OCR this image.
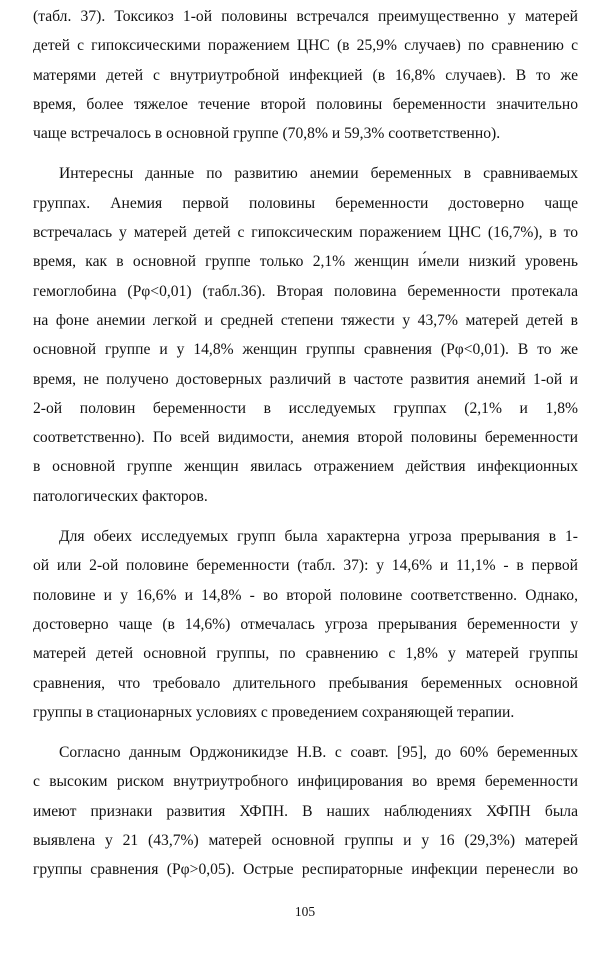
(табл. 37). Токсикоз 1-ой половины встречался преимущественно у матерей
детей с гипоксическими поражением ЦНС (в 25,9% случаев) по сравнению с
матерями детей с внутриутробной инфекцией (в 16,8% случаев). В то же
время, более тяжелое течение второй половины беременности значительно
чаще встречалось в основной группе (70,8% и 59,3% соответственно).
Интересны данные по развитию анемии беременных в сравниваемых
группах. Анемия первой половины беременности достоверно чаще
встречалась у матерей детей с гипоксическим поражением ЦНС (16,7%), в то
время, как в основной группе только 2,1% женщин и́мели низкий уровень
гемоглобина (Рφ<0,01) (табл.36). Вторая половина беременности протекала
на фоне анемии легкой и средней степени тяжести у 43,7% матерей детей в
основной группе и у 14,8% женщин группы сравнения (Рφ<0,01). В то же
время, не получено достоверных различий в частоте развития анемий 1-ой и
2-ой половин беременности в исследуемых группах (2,1% и 1,8%
соответственно). По всей видимости, анемия второй половины беременности
в основной группе женщин явилась отражением действия инфекционных
патологических факторов.
Для обеих исследуемых групп была характерна угроза прерывания в 1-
ой или 2-ой половине беременности (табл. 37): у 14,6% и 11,1% - в первой
половине и у 16,6% и 14,8% - во второй половине соответственно. Однако,
достоверно чаще (в 14,6%) отмечалась угроза прерывания беременности у
матерей детей основной группы, по сравнению с 1,8% у матерей группы
сравнения, что требовало длительного пребывания беременных основной
группы в стационарных условиях с проведением сохраняющей терапии.
Согласно данным Орджоникидзе Н.В. с соавт. [95], до 60% беременных
с высоким риском внутриутробного инфицирования во время беременности
имеют признаки развития ХФПН. В наших наблюдениях ХФПН была
выявлена у 21 (43,7%) матерей основной группы и у 16 (29,3%) матерей
группы сравнения (Рφ>0,05). Острые респираторные инфекции перенесли во
105
